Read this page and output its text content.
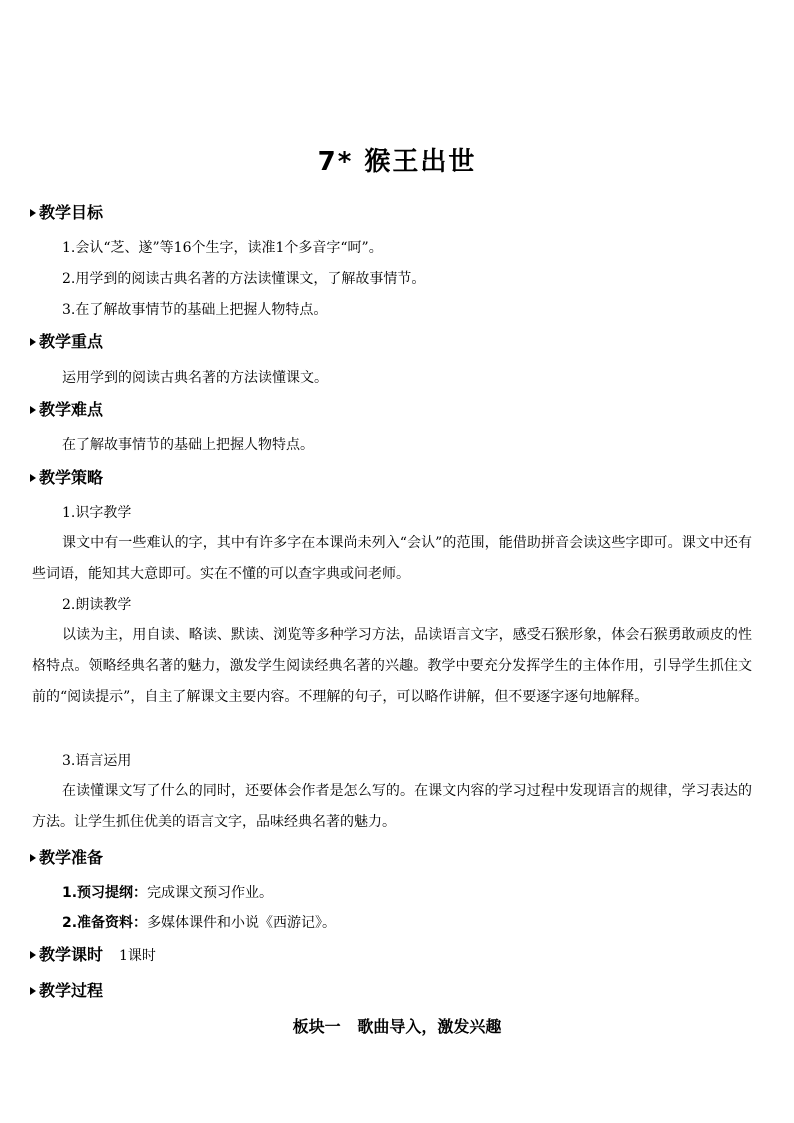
7* 猴王出世
教学目标
1.会认“芝、遂”等16个生字，读准1个多音字“呵”。
2.用学到的阅读古典名著的方法读懂课文，了解故事情节。
3.在了解故事情节的基础上把握人物特点。
教学重点
运用学到的阅读古典名著的方法读懂课文。
教学难点
在了解故事情节的基础上把握人物特点。
教学策略
1.识字教学
课文中有一些难认的字，其中有许多字在本课尚未列入“会认”的范围，能借助拼音会读这些字即可。课文中还有些词语，能知其大意即可。实在不懂的可以查字典或问老师。
2.朗读教学
以读为主，用自读、略读、默读、浏览等多种学习方法，品读语言文字，感受石猴形象，体会石猴勇敢顽皮的性格特点。领略经典名著的魅力，激发学生阅读经典名著的兴趣。教学中要充分发挥学生的主体作用，引导学生抓住文前的“阅读提示”，自主了解课文主要内容。不理解的句子，可以略作讲解，但不要逐字逐句地解释。
3.语言运用
在读懂课文写了什么的同时，还要体会作者是怎么写的。在课文内容的学习过程中发现语言的规律，学习表达的方法。让学生抓住优美的语言文字，品味经典名著的魅力。
教学准备
1.预习提纲：完成课文预习作业。
2.准备资料：多媒体课件和小说《西游记》。
教学课时 1课时
教学过程
板块一   歌曲导入，激发兴趣
